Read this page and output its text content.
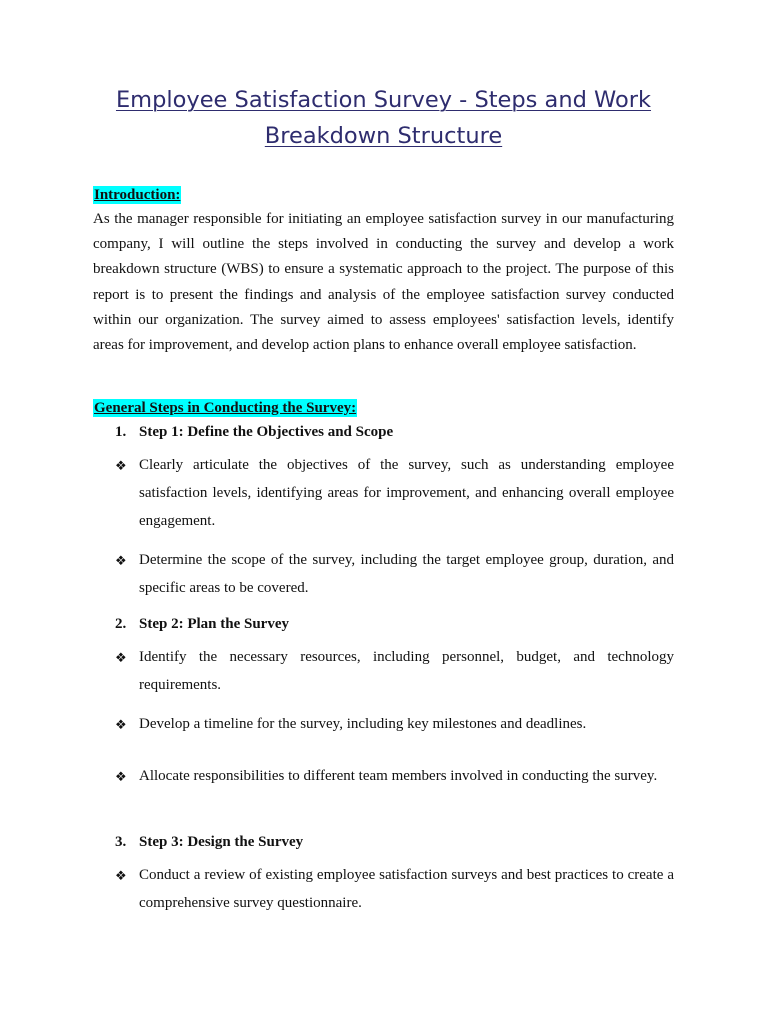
Employee Satisfaction Survey - Steps and Work Breakdown Structure
Introduction:

As the manager responsible for initiating an employee satisfaction survey in our manufacturing company, I will outline the steps involved in conducting the survey and develop a work breakdown structure (WBS) to ensure a systematic approach to the project. The purpose of this report is to present the findings and analysis of the employee satisfaction survey conducted within our organization. The survey aimed to assess employees' satisfaction levels, identify areas for improvement, and develop action plans to enhance overall employee satisfaction.

General Steps in Conducting the Survey:
1. Step 1: Define the Objectives and Scope
❖ Clearly articulate the objectives of the survey, such as understanding employee satisfaction levels, identifying areas for improvement, and enhancing overall employee engagement.
❖ Determine the scope of the survey, including the target employee group, duration, and specific areas to be covered.
2. Step 2: Plan the Survey
❖ Identify the necessary resources, including personnel, budget, and technology requirements.
❖ Develop a timeline for the survey, including key milestones and deadlines.
❖ Allocate responsibilities to different team members involved in conducting the survey.
3. Step 3: Design the Survey
❖ Conduct a review of existing employee satisfaction surveys and best practices to create a comprehensive survey questionnaire.
